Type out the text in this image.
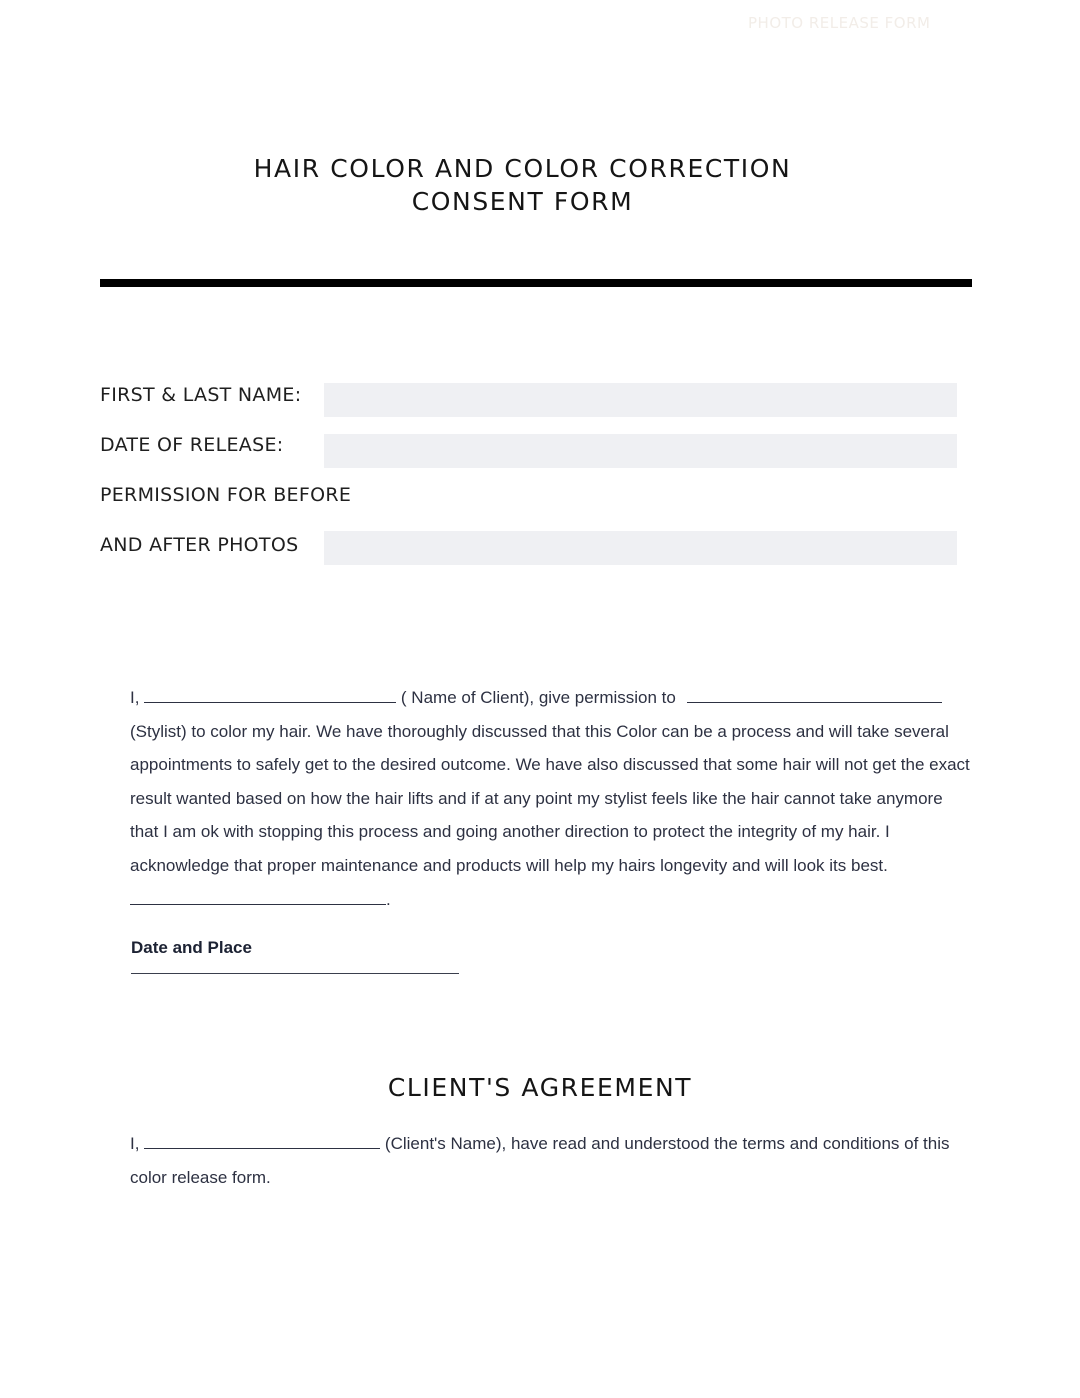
PHOTO RELEASE FORM
HAIR COLOR AND COLOR CORRECTION
CONSENT FORM
FIRST & LAST NAME:
DATE OF RELEASE:
PERMISSION FOR BEFORE
AND AFTER PHOTOS

I,	( Name of Client), give permission to  (Stylist) to color my hair. We have thoroughly discussed that this Color can be a process and will take several appointments to safely get to the desired outcome. We have also discussed that some hair will not get the exact result wanted based on how the hair lifts and if at any point my stylist feels like the hair cannot take anymore that I am ok with stopping this process and going another direction to protect the integrity of my hair. I acknowledge that proper maintenance and products will help my hairs longevity and will look its best.

.

Date and Place
CLIENT'S AGREEMENT

I,	(Client's Name), have read and understood the terms and conditions of this color release form.
